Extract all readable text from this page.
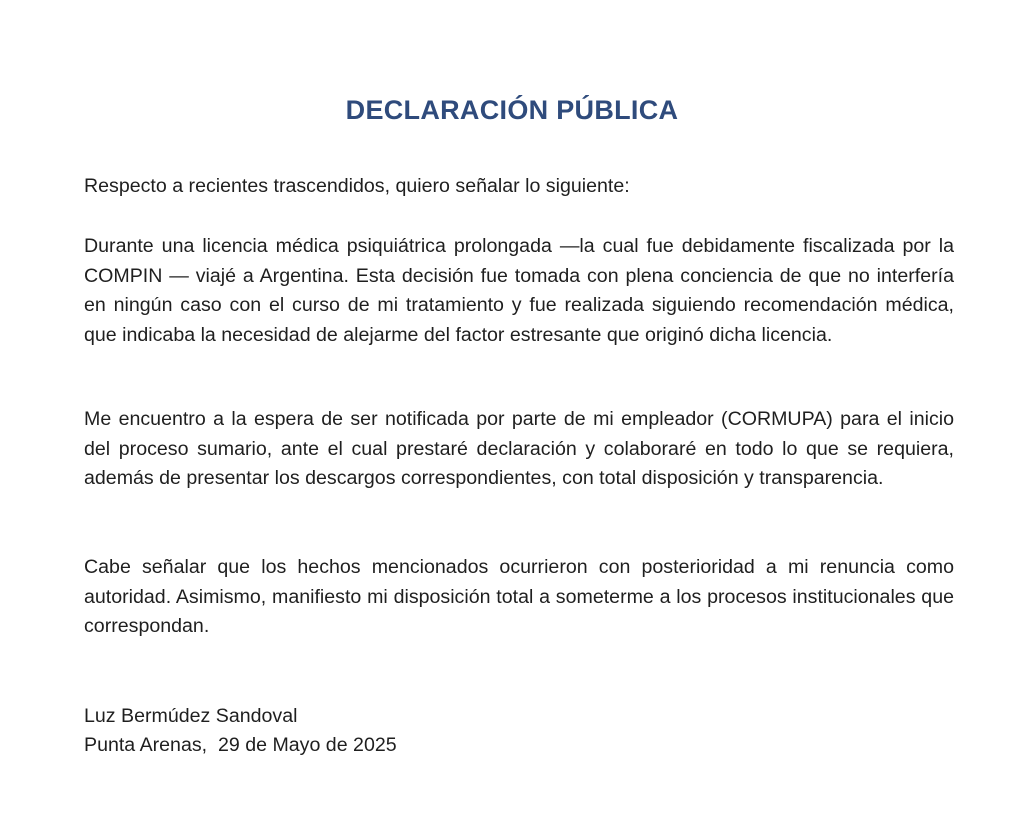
DECLARACIÓN PÚBLICA

Respecto a recientes trascendidos, quiero señalar lo siguiente:

Durante una licencia médica psiquiátrica prolongada —la cual fue debidamente fiscalizada por la COMPIN — viajé a Argentina. Esta decisión fue tomada con plena conciencia de que no interfería en ningún caso con el curso de mi tratamiento y fue realizada siguiendo recomendación médica, que indicaba la necesidad de alejarme del factor estresante que originó dicha licencia.

Me encuentro a la espera de ser notificada por parte de mi empleador (CORMUPA) para el inicio del proceso sumario, ante el cual prestaré declaración y colaboraré en todo lo que se requiera, además de presentar los descargos correspondientes, con total disposición y transparencia.

Cabe señalar que los hechos mencionados ocurrieron con posterioridad a mi renuncia como autoridad. Asimismo, manifiesto mi disposición total a someterme a los procesos institucionales que correspondan.

Luz Bermúdez Sandoval
Punta Arenas,  29 de Mayo de 2025
